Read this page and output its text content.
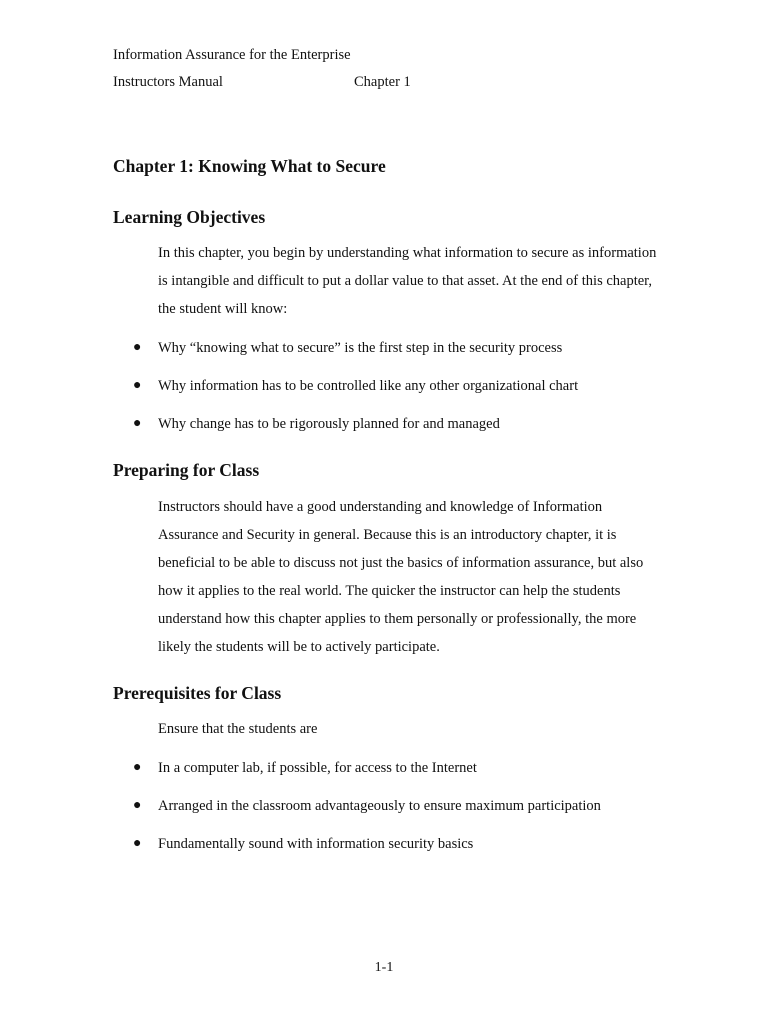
Information Assurance for the Enterprise
Instructors Manual	Chapter 1
Chapter 1: Knowing What to Secure
Learning Objectives

In this chapter, you begin by understanding what information to secure as information is intangible and difficult to put a dollar value to that asset. At the end of this chapter, the student will know:

● Why “knowing what to secure” is the first step in the security process
● Why information has to be controlled like any other organizational chart
● Why change has to be rigorously planned for and managed
Preparing for Class

Instructors should have a good understanding and knowledge of Information Assurance and Security in general. Because this is an introductory chapter, it is beneficial to be able to discuss not just the basics of information assurance, but also how it applies to the real world. The quicker the instructor can help the students understand how this chapter applies to them personally or professionally, the more likely the students will be to actively participate.

Prerequisites for Class

Ensure that the students are

● In a computer lab, if possible, for access to the Internet
● Arranged in the classroom advantageously to ensure maximum participation
● Fundamentally sound with information security basics
1-1
